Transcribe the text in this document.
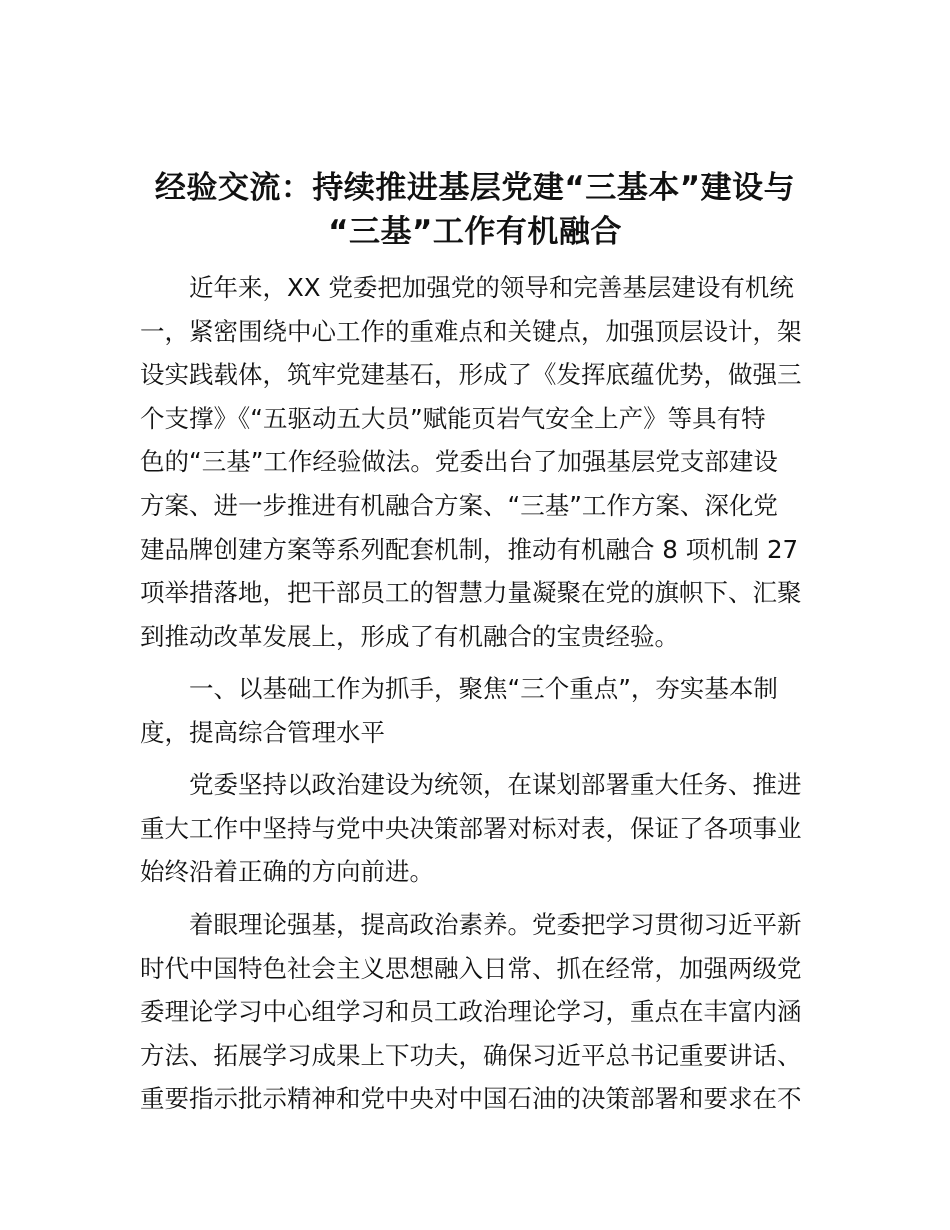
经验交流：持续推进基层党建“三基本”建设与
“三基”工作有机融合
近年来，XX 党委把加强党的领导和完善基层建设有机统
一，紧密围绕中心工作的重难点和关键点，加强顶层设计，架
设实践载体，筑牢党建基石，形成了《发挥底蕴优势，做强三
个支撑》《“五驱动五大员”赋能页岩气安全上产》等具有特
色的“三基”工作经验做法。党委出台了加强基层党支部建设
方案、进一步推进有机融合方案、“三基”工作方案、深化党
建品牌创建方案等系列配套机制，推动有机融合 8 项机制 27
项举措落地，把干部员工的智慧力量凝聚在党的旗帜下、汇聚
到推动改革发展上，形成了有机融合的宝贵经验。
一、以基础工作为抓手，聚焦“三个重点”，夯实基本制
度，提高综合管理水平
党委坚持以政治建设为统领，在谋划部署重大任务、推进
重大工作中坚持与党中央决策部署对标对表，保证了各项事业
始终沿着正确的方向前进。
着眼理论强基，提高政治素养。党委把学习贯彻习近平新
时代中国特色社会主义思想融入日常、抓在经常，加强两级党
委理论学习中心组学习和员工政治理论学习，重点在丰富内涵
方法、拓展学习成果上下功夫，确保习近平总书记重要讲话、
重要指示批示精神和党中央对中国石油的决策部署和要求在不
